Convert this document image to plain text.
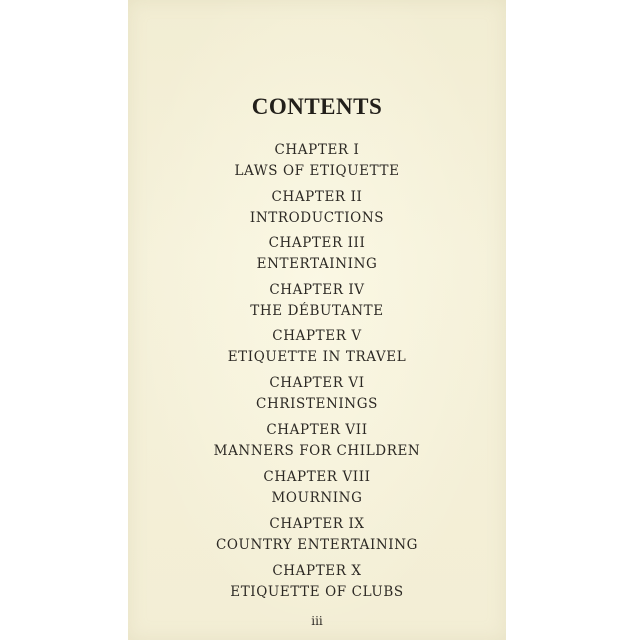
CONTENTS
CHAPTER I
LAWS OF ETIQUETTE
CHAPTER II
INTRODUCTIONS
CHAPTER III
ENTERTAINING
CHAPTER IV
THE DÉBUTANTE
CHAPTER V
ETIQUETTE IN TRAVEL
CHAPTER VI
CHRISTENINGS
CHAPTER VII
MANNERS FOR CHILDREN
CHAPTER VIII
MOURNING
CHAPTER IX
COUNTRY ENTERTAINING
CHAPTER X
ETIQUETTE OF CLUBS
iii
